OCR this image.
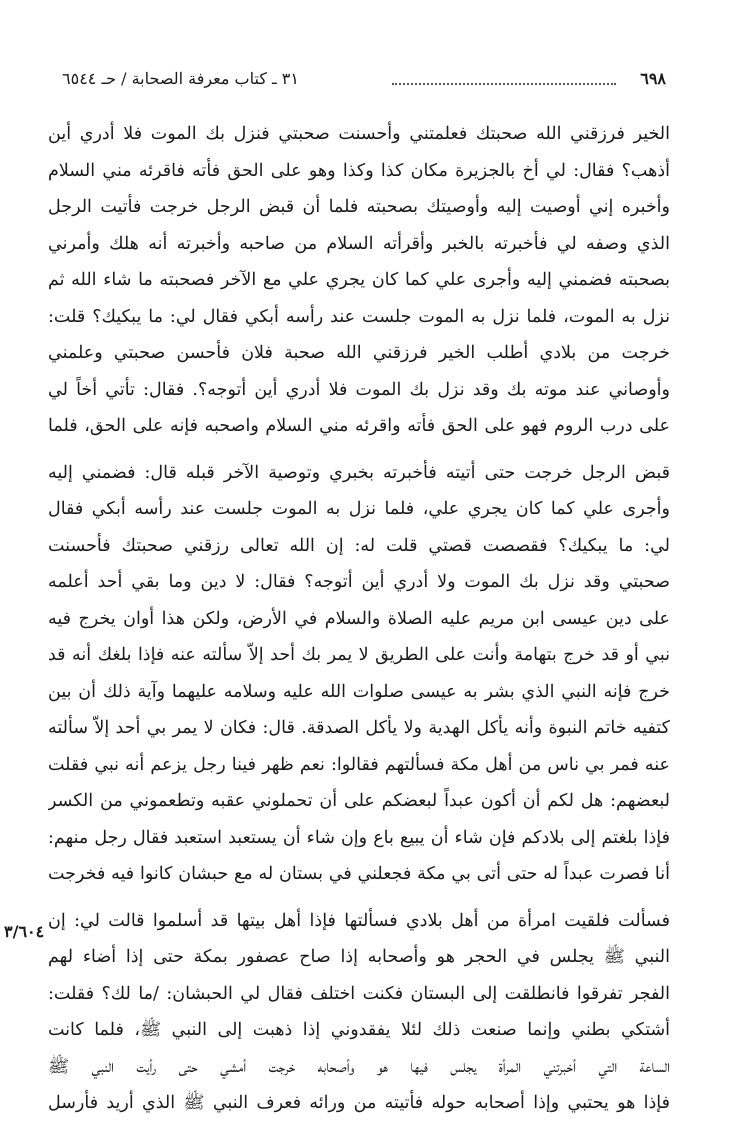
٦٩٨
٣١ ـ كتاب معرفة الصحابة / حـ ٦٥٤٤
٣/٦٠٤
الخير فرزقني الله صحبتك فعلمتني وأحسنت صحبتي فنزل بك الموت فلا أدري أين
أذهب؟ فقال: لي أخ بالجزيرة مكان كذا وكذا وهو على الحق فأته فاقرئه مني السلام
وأخبره إني أوصيت إليه وأوصيتك بصحبته فلما أن قبض الرجل خرجت فأتيت الرجل
الذي وصفه لي فأخبرته بالخبر وأقرأته السلام من صاحبه وأخبرته أنه هلك وأمرني
بصحبته فضمني إليه وأجرى علي كما كان يجري علي مع الآخر فصحبته ما شاء الله ثم
نزل به الموت، فلما نزل به الموت جلست عند رأسه أبكي فقال لي: ما يبكيك؟ قلت:
خرجت من بلادي أطلب الخير فرزقني الله صحبة فلان فأحسن صحبتي وعلمني
وأوصاني عند موته بك وقد نزل بك الموت فلا أدري أين أتوجه؟. فقال: تأتي أخاً لي
على درب الروم فهو على الحق فأته واقرئه مني السلام واصحبه فإنه على الحق، فلما
قبض الرجل خرجت حتى أتيته فأخبرته بخبري وتوصية الآخر قبله قال: فضمني إليه
وأجرى علي كما كان يجري علي، فلما نزل به الموت جلست عند رأسه أبكي فقال
لي: ما يبكيك؟ فقصصت قصتي قلت له: إن الله تعالى رزقني صحبتك فأحسنت
صحبتي وقد نزل بك الموت ولا أدري أين أتوجه؟ فقال: لا دين وما بقي أحد أعلمه
على دين عيسى ابن مريم عليه الصلاة والسلام في الأرض، ولكن هذا أوان يخرج فيه
نبي أو قد خرج بتهامة وأنت على الطريق لا يمر بك أحد إلاّ سألته عنه فإذا بلغك أنه قد
خرج فإنه النبي الذي بشر به عيسى صلوات الله عليه وسلامه عليهما وآية ذلك أن بين
كتفيه خاتم النبوة وأنه يأكل الهدية ولا يأكل الصدقة. قال: فكان لا يمر بي أحد إلاّ سألته
عنه فمر بي ناس من أهل مكة فسألتهم فقالوا: نعم ظهر فينا رجل يزعم أنه نبي فقلت
لبعضهم: هل لكم أن أكون عبداً لبعضكم على أن تحملوني عقبه وتطعموني من الكسر
فإذا بلغتم إلى بلادكم فإن شاء أن يبيع باع وإن شاء أن يستعبد استعبد فقال رجل منهم:
أنا فصرت عبداً له حتى أتى بي مكة فجعلني في بستان له مع حبشان كانوا فيه فخرجت
فسألت فلقيت امرأة من أهل بلادي فسألتها فإذا أهل بيتها قد أسلموا قالت لي: إن
النبي ﷺ يجلس في الحجر هو وأصحابه إذا صاح عصفور بمكة حتى إذا أضاء لهم
الفجر تفرقوا فانطلقت إلى البستان فكنت اختلف فقال لي الحبشان: /ما لك؟ فقلت:
أشتكي بطني وإنما صنعت ذلك لئلا يفقدوني إذا ذهبت إلى النبي ﷺ، فلما كانت
الساعة التي أخبرتني المرأة يجلس فيها هو وأصحابه خرجت أمشي حتى رأيت النبي ﷺ
فإذا هو يحتبي وإذا أصحابه حوله فأتيته من ورائه فعرف النبي ﷺ الذي أريد فأرسل
